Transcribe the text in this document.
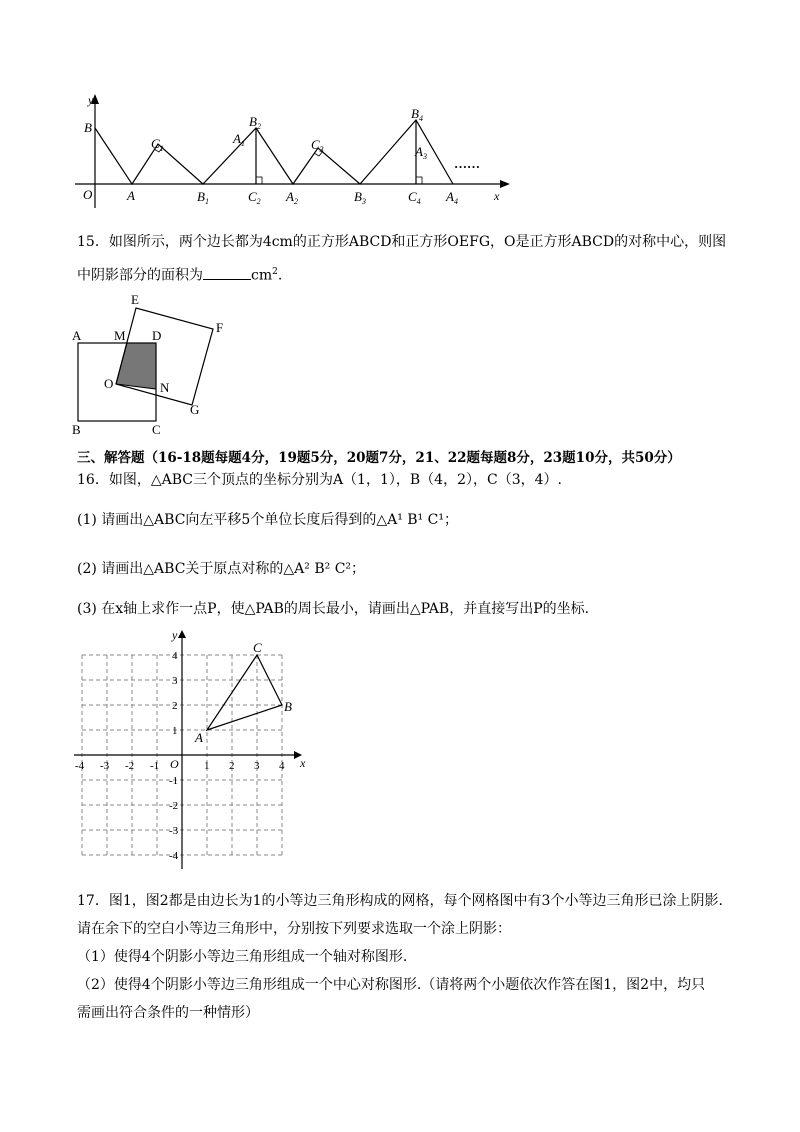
y
B
$C_1$
$A_1$
$B_2$
$C_3$
$B_4$
$A_3$ ……
O	A	$B_1$	$C_2$ $A_2$	$B_3$	$C_4$ $A_4$	x
15．如图所示，两个边长都为4cm的正方形ABCD和正方形OEFG，O是正方形ABCD的对称中心，则图
中阴影部分的面积为	$cm^2$.
A	M D
E
F
O	N
B	C
G
三、解答题（16-18题每题4分，19题5分，20题7分，21、22题每题8分，23题10分，共50分）
16．如图，△ABC三个顶点的坐标分别为A（1，1），B（4，2），C（3，4）.
(1) 请画出△ABC向左平移5个单位长度后得到的△A¹ B¹ C¹；
(2) 请画出△ABC关于原点对称的△A² B² C²；
(3) 在x轴上求作一点P，使△PAB的周长最小，请画出△PAB，并直接写出P的坐标.
y
x
O
-4 -3 -2 -1	1 2 3 4
4
3
2
1
-1
-2
-3
-4
A
B
C
17．图1，图2都是由边长为1的小等边三角形构成的网格，每个网格图中有3个小等边三角形已涂上阴影.
请在余下的空白小等边三角形中，分别按下列要求选取一个涂上阴影：
（1）使得4个阴影小等边三角形组成一个轴对称图形.
（2）使得4个阴影小等边三角形组成一个中心对称图形.（请将两个小题依次作答在图1，图2中，均只
需画出符合条件的一种情形）
